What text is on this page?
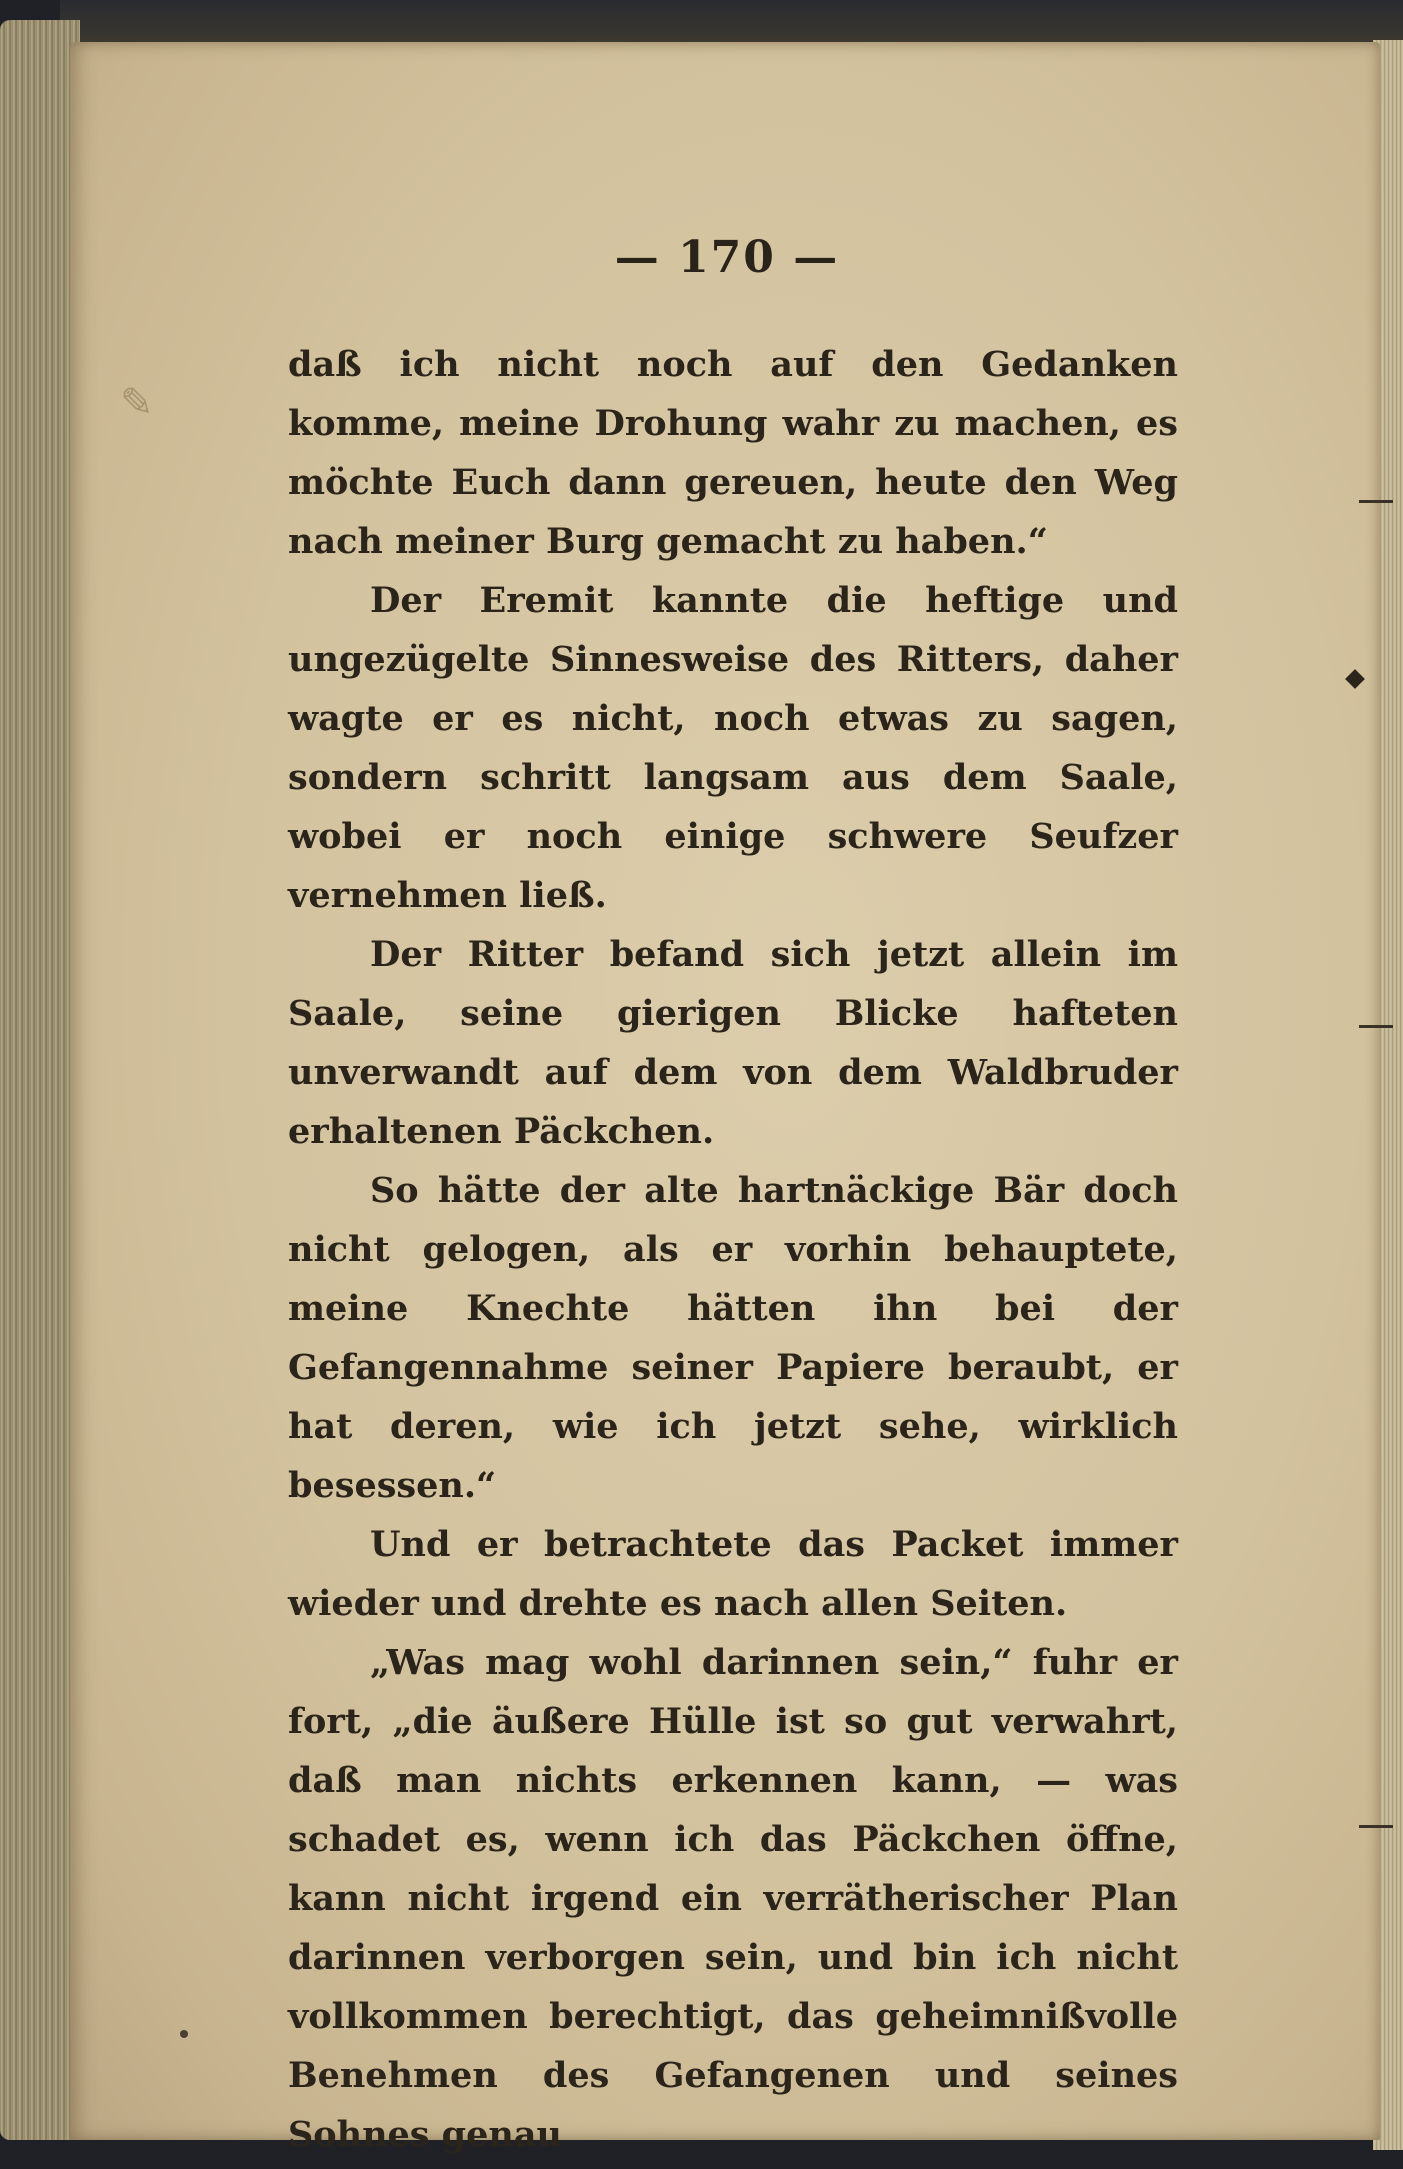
— 170 —

daß ich nicht noch auf den Gedanken komme, meine Drohung wahr zu machen, es möchte Euch dann gereuen, heute den Weg nach meiner Burg gemacht zu haben.“

Der Eremit kannte die heftige und ungezügelte Sinnesweise des Ritters, daher wagte er es nicht, noch etwas zu sagen, sondern schritt langsam aus dem Saale, wobei er noch einige schwere Seufzer vernehmen ließ.

Der Ritter befand sich jetzt allein im Saale, seine gierigen Blicke hafteten unverwandt auf dem von dem Waldbruder erhaltenen Päckchen.

So hätte der alte hartnäckige Bär doch nicht gelogen, als er vorhin behauptete, meine Knechte hätten ihn bei der Gefangennahme seiner Papiere beraubt, er hat deren, wie ich jetzt sehe, wirklich besessen.“

Und er betrachtete das Packet immer wieder und drehte es nach allen Seiten.

„Was mag wohl darinnen sein,“ fuhr er fort, „die äußere Hülle ist so gut verwahrt, daß man nichts erkennen kann, — was schadet es, wenn ich das Päckchen öffne, kann nicht irgend ein verrätherischer Plan darinnen verborgen sein, und bin ich nicht vollkommen berechtigt, das geheimnißvolle Benehmen des Gefangenen und seines Sohnes genau

✎
